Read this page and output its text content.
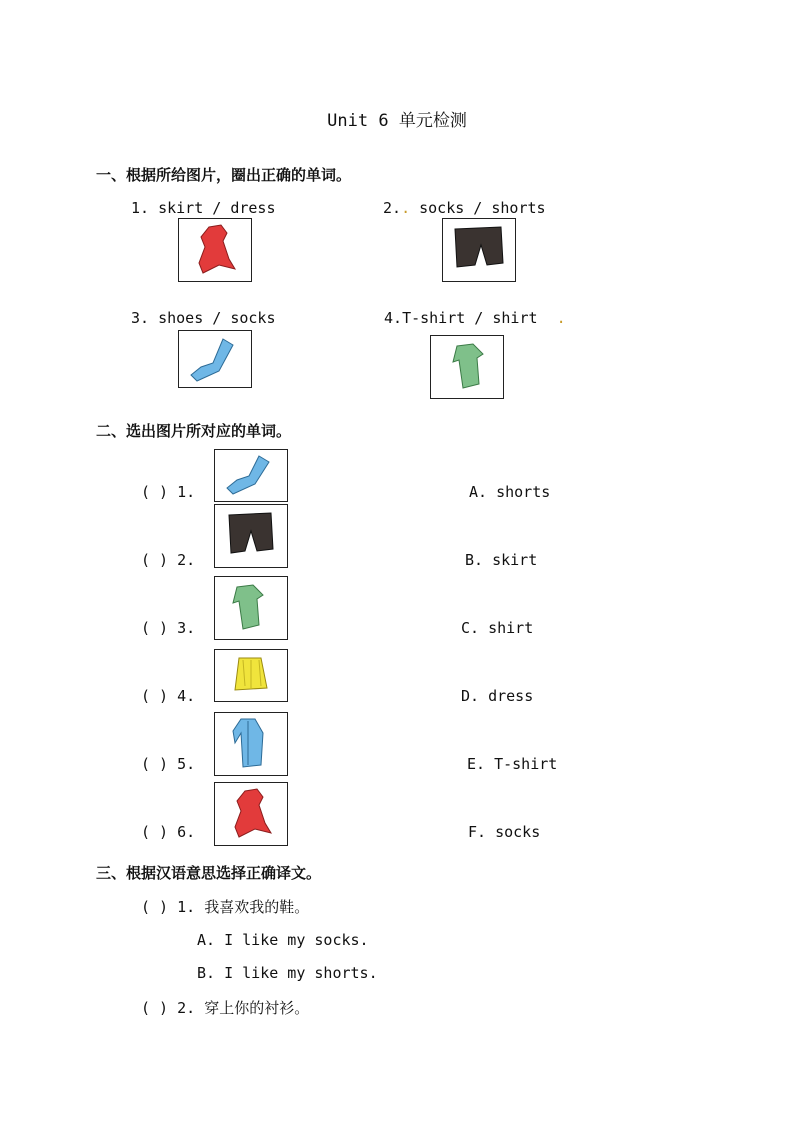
Unit 6 单元检测
一、根据所给图片，圈出正确的单词。
1. skirt / dress	2.. socks / shorts
3. shoes / socks	4.T-shirt / shirt .
二、选出图片所对应的单词。
( ) 1.	A. shorts
( ) 2.	B. skirt
( ) 3.	C. shirt
( ) 4.	D. dress
( ) 5.	E. T-shirt
( ) 6.	F. socks
三、根据汉语意思选择正确译文。
( ) 1. 我喜欢我的鞋。
A. I like my socks.
B. I like my shorts.
( ) 2. 穿上你的衬衫。
